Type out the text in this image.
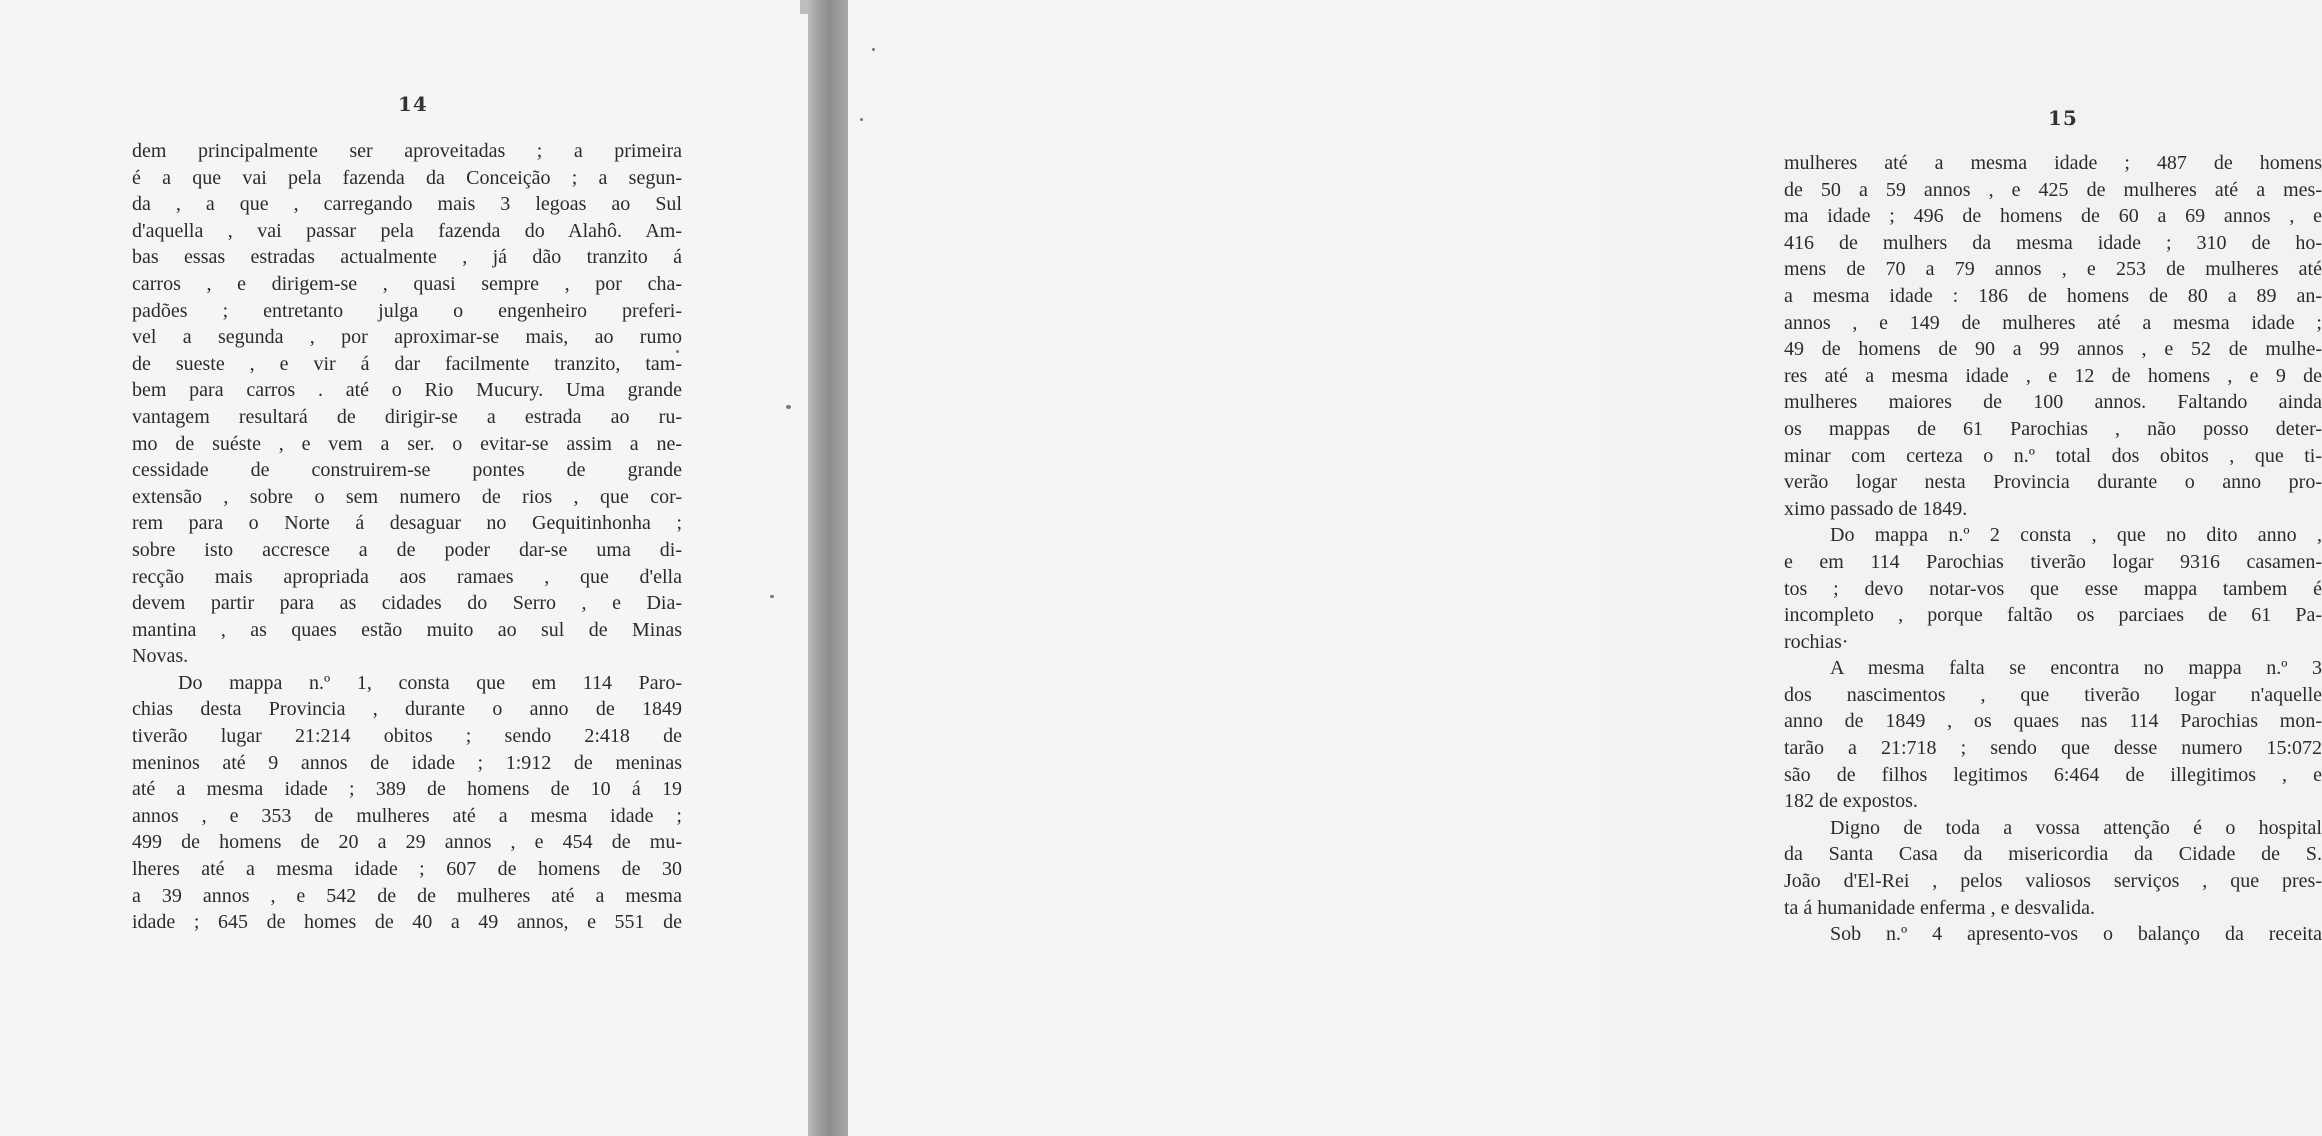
14
dem principalmente ser aproveitadas ; a primeira
é a que vai pela fazenda da Conceição ; a segun-
da , a que , carregando mais 3 legoas ao Sul
d'aquella , vai passar pela fazenda do Alahô. Am-
bas essas estradas actualmente , já dão tranzito á
carros , e dirigem-se , quasi sempre , por cha-
padões ; entretanto julga o engenheiro preferi-
vel a segunda , por aproximar-se mais, ao rumo
de sueste , e vir á dar facilmente tranzito, tam-
bem para carros . até o Rio Mucury. Uma grande
vantagem resultará de dirigir-se a estrada ao ru-
mo de suéste , e vem a ser. o evitar-se assim a ne-
cessidade de construirem-se pontes de grande
extensão , sobre o sem numero de rios , que cor-
rem para o Norte á desaguar no Gequitinhonha ;
sobre isto accresce a de poder dar-se uma di-
recção mais apropriada aos ramaes , que d'ella
devem partir para as cidades do Serro , e Dia-
mantina , as quaes estão muito ao sul de Minas
Novas.
Do mappa n.º 1, consta que em 114 Paro-
chias desta Provincia , durante o anno de 1849
tiverão lugar 21:214 obitos ; sendo 2:418 de
meninos até 9 annos de idade ; 1:912 de meninas
até a mesma idade ; 389 de homens de 10 á 19
annos , e 353 de mulheres até a mesma idade ;
499 de homens de 20 a 29 annos , e 454 de mu-
lheres até a mesma idade ; 607 de homens de 30
a 39 annos , e 542 de de mulheres até a mesma
idade ; 645 de homes de 40 a 49 annos, e 551 de
15
mulheres até a mesma idade ; 487 de homens
de 50 a 59 annos , e 425 de mulheres até a mes-
ma idade ; 496 de homens de 60 a 69 annos , e
416 de mulhers da mesma idade ; 310 de ho-
mens de 70 a 79 annos , e 253 de mulheres até
a mesma idade : 186 de homens de 80 a 89 an-
annos , e 149 de mulheres até a mesma idade ;
49 de homens de 90 a 99 annos , e 52 de mulhe-
res até a mesma idade , e 12 de homens , e 9 de
mulheres maiores de 100 annos. Faltando ainda
os mappas de 61 Parochias , não posso deter-
minar com certeza o n.º total dos obitos , que ti-
verão logar nesta Provincia durante o anno pro-
ximo passado de 1849.
Do mappa n.º 2 consta , que no dito anno ,
e em 114 Parochias tiverão logar 9316 casamen-
tos ; devo notar-vos que esse mappa tambem é
incompleto , porque faltão os parciaes de 61 Pa-
rochias·
A mesma falta se encontra no mappa n.º 3
dos nascimentos , que tiverão logar n'aquelle
anno de 1849 , os quaes nas 114 Parochias mon-
tarão a 21:718 ; sendo que desse numero 15:072
são de filhos legitimos 6:464 de illegitimos , e
182 de expostos.
Digno de toda a vossa attenção é o hospital
da Santa Casa da misericordia da Cidade de S.
João d'El-Rei , pelos valiosos serviços , que pres-
ta á humanidade enferma , e desvalida.
Sob n.º 4 apresento-vos o balanço da receita
